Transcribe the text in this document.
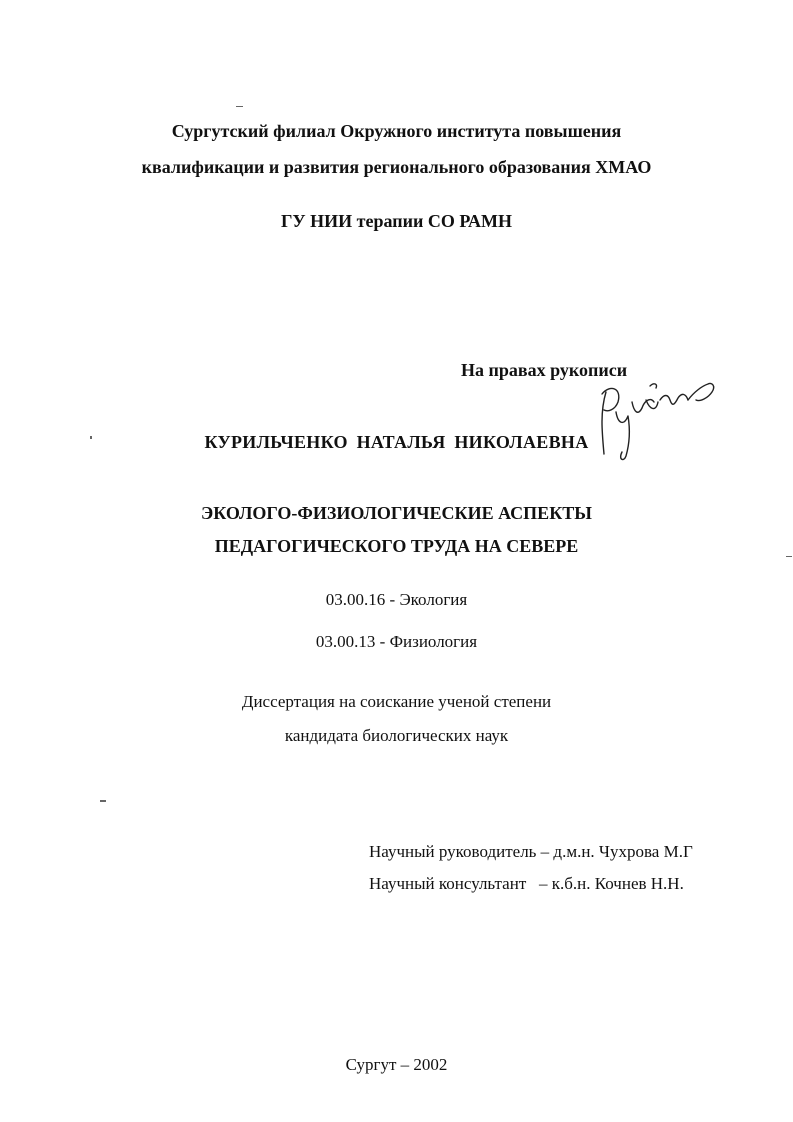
Сургутский филиал Окружного института повышения
квалификации и развития регионального образования ХМАО
ГУ НИИ терапии СО РАМН
На правах рукописи
КУРИЛЬЧЕНКО НАТАЛЬЯ НИКОЛАЕВНА
ЭКОЛОГО-ФИЗИОЛОГИЧЕСКИЕ АСПЕКТЫ
ПЕДАГОГИЧЕСКОГО ТРУДА НА СЕВЕРЕ
03.00.16 - Экология
03.00.13 - Физиология
Диссертация на соискание ученой степени
кандидата биологических наук
Научный руководитель – д.м.н. Чухрова М.Г
Научный консультант   – к.б.н. Кочнев Н.Н.
Сургут – 2002
